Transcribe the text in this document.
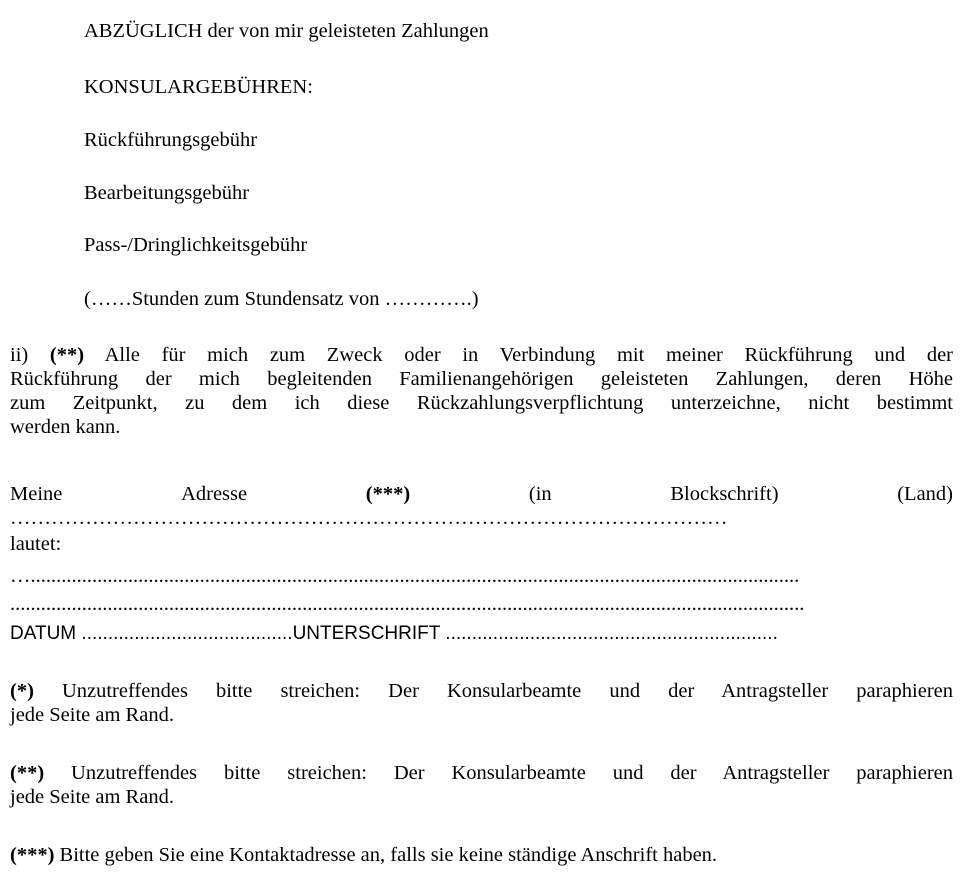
ABZÜGLICH der von mir geleisteten Zahlungen
KONSULARGEBÜHREN:
Rückführungsgebühr
Bearbeitungsgebühr
Pass-/Dringlichkeitsgebühr
(……Stunden zum Stundensatz von ………….)
ii) (**) Alle für mich zum Zweck oder in Verbindung mit meiner Rückführung und der
Rückführung der mich begleitenden Familienangehörigen geleisteten Zahlungen, deren Höhe
zum Zeitpunkt, zu dem ich diese Rückzahlungsverpflichtung unterzeichne, nicht bestimmt
werden kann.
Meine	Adresse	(***)	(in	Blockschrift)	(Land)
……………………………………………………………………………………………
lautet:
…......................................................................................................................................................
...........................................................................................................................................................
DATUM ........................................UNTERSCHRIFT ...............................................................
(*) Unzutreffendes bitte streichen: Der Konsularbeamte und der Antragsteller paraphieren
jede Seite am Rand.
(**) Unzutreffendes bitte streichen: Der Konsularbeamte und der Antragsteller paraphieren
jede Seite am Rand.
(***) Bitte geben Sie eine Kontaktadresse an, falls sie keine ständige Anschrift haben.
